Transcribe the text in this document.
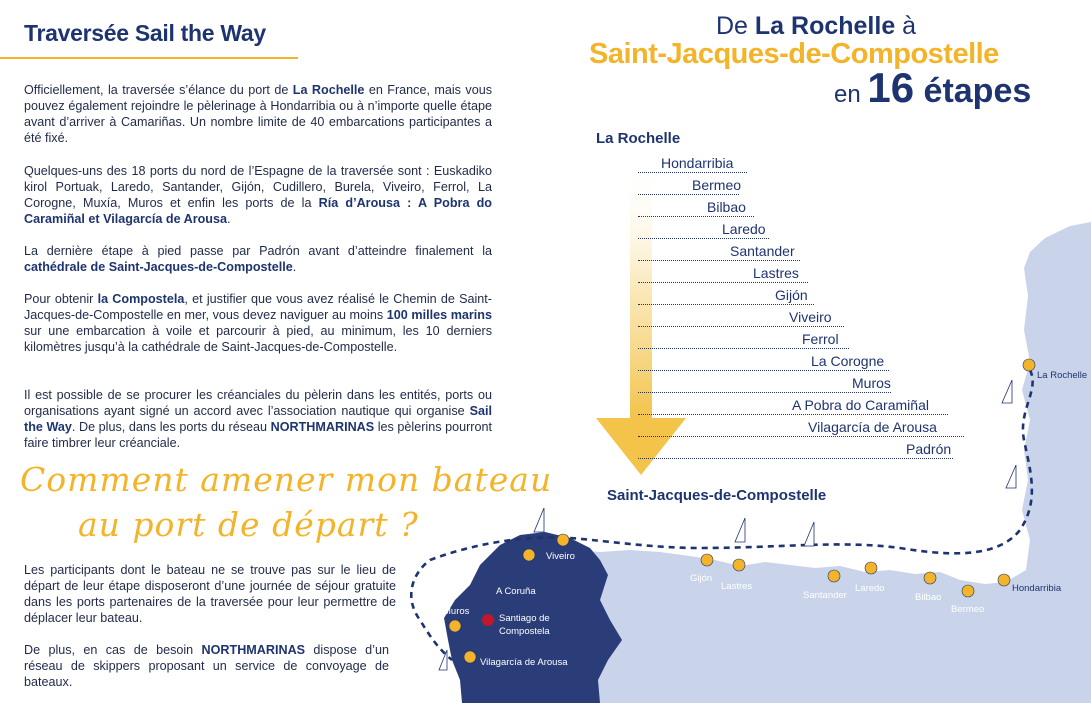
Traversée Sail the Way
Officiellement, la traversée s’élance du port de La Rochelle en France, mais vous pouvez également rejoindre le pèlerinage à Hondarribia ou à n’importe quelle étape avant d’arriver à Camariñas. Un nombre limite de 40 embarcations participantes a été fixé.
Quelques-uns des 18 ports du nord de l’Espagne de la traversée sont : Euskadiko kirol Portuak, Laredo, Santander, Gijón, Cudillero, Burela, Viveiro, Ferrol, La Corogne, Muxía, Muros et enfin les ports de la Ría d’Arousa : A Pobra do Caramiñal et Vilagarcía de Arousa.
La dernière étape à pied passe par Padrón avant d’atteindre finalement la cathédrale de Saint-Jacques-de-Compostelle.
Pour obtenir la Compostela, et justifier que vous avez réalisé le Chemin de Saint-Jacques-de-Compostelle en mer, vous devez naviguer au moins 100 milles marins sur une embarcation à voile et parcourir à pied, au minimum, les 10 derniers kilomètres jusqu’à la cathédrale de Saint-Jacques-de-Compostelle.
Il est possible de se procurer les créanciales du pèlerin dans les entités, ports ou organisations ayant signé un accord avec l’association nautique qui organise Sail the Way. De plus, dans les ports du réseau NORTHMARINAS les pèlerins pourront faire timbrer leur créanciale.
Comment amener mon bateau
au port de départ ?
Les participants dont le bateau ne se trouve pas sur le lieu de départ de leur étape disposeront d’une journée de séjour gratuite dans les ports partenaires de la traversée pour leur permettre de déplacer leur bateau.
De plus, en cas de besoin NORTHMARINAS dispose d’un réseau de skippers proposant un service de convoyage de bateaux.
De La Rochelle à
Saint-Jacques-de-Compostelle
en 16 étapes
La Rochelle
Hondarribia
Bermeo
Bilbao
Laredo
Santander
Lastres
Gijón
Viveiro
A Coruña
Muros
Santiago de
Compostela
Vilagarcía de Arousa
La Rochelle
Saint-Jacques-de-Compostelle
Hondarribia
Bermeo
Bilbao
Laredo
Santander
Lastres
Gijón
Viveiro
Ferrol
La Corogne
Muros
A Pobra do Caramiñal
Vilagarcía de Arousa
Padrón
